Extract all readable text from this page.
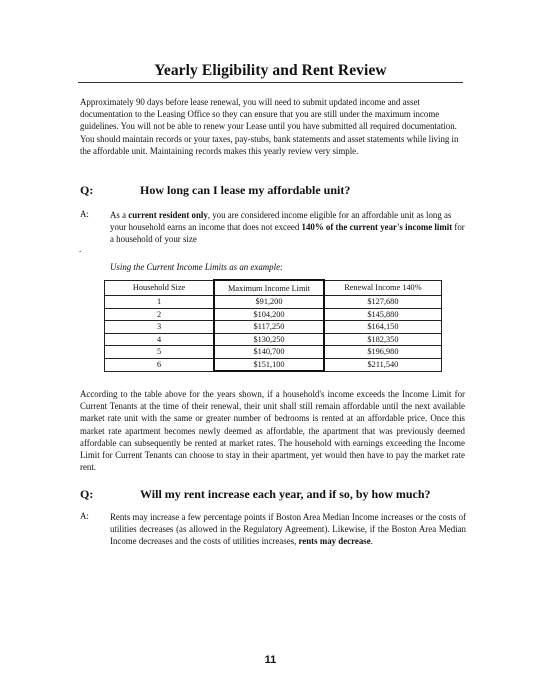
Yearly Eligibility and Rent Review

Approximately 90 days before lease renewal, you will need to submit updated income and asset documentation to the Leasing Office so they can ensure that you are still under the maximum income guidelines. You will not be able to renew your Lease until you have submitted all required documentation. You should maintain records or your taxes, pay-stubs, bank statements and asset statements while living in the affordable unit. Maintaining records makes this yearly review very simple.

Q:	How long can I lease my affordable unit?
A: As a current resident only, you are considered income eligible for an affordable unit as long as your household earns an income that does not exceed 140% of the current year's income limit for a household of your size

.
Using the Current Income Limits as an example:
Household Size	Maximum Income Limit	Renewal Income 140%
1	$91,200	$127,680
2	$104,200	$145,880
3	$117,250	$164,150
4	$130,250	$182,350
5	$140,700	$196,980
6	$151,100	$211,540

According to the table above for the years shown, if a household's income exceeds the Income Limit for Current Tenants at the time of their renewal, their unit shall still remain affordable until the next available market rate unit with the same or greater number of bedrooms is rented at an affordable price. Once this market rate apartment becomes newly deemed as affordable, the apartment that was previously deemed affordable can subsequently be rented at market rates. The household with earnings exceeding the Income Limit for Current Tenants can choose to stay in their apartment, yet would then have to pay the market rate rent.

Q:	Will my rent increase each year, and if so, by how much?
A: Rents may increase a few percentage points if Boston Area Median Income increases or the costs of utilities decreases (as allowed in the Regulatory Agreement). Likewise, if the Boston Area Median Income decreases and the costs of utilities increases, rents may decrease.

11
